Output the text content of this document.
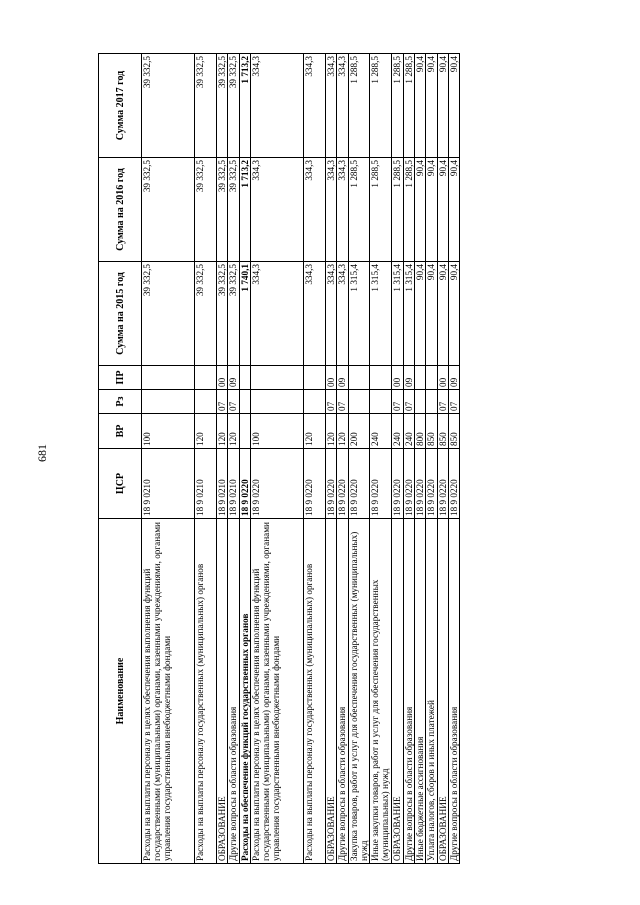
681
Наименование	ЦСР	ВР	Рз	ПР	Сумма на 2015 год	Сумма на 2016 год	Сумма 2017 год
Расходы на выплаты персоналу в целях обеспечения выполнения функций государственными (муниципальными) органами, казенными учреждениями, органами управления государственными внебюджетными фондами	18 9 0210	100			39 332,5	39 332,5	39 332,5
Расходы на выплаты персоналу государственных (муниципальных) органов	18 9 0210	120			39 332,5	39 332,5	39 332,5
ОБРАЗОВАНИЕ	18 9 0210	120	07	00	39 332,5	39 332,5	39 332,5
Другие вопросы в области образования	18 9 0210	120	07	09	39 332,5	39 332,5	39 332,5
Расходы на обеспечение функций государственных органов	18 9 0220				1 740,1	1 713,2	1 713,2
Расходы на выплаты персоналу в целях обеспечения выполнения функций государственными (муниципальными) органами, казенными учреждениями, органами управления государственными внебюджетными фондами	18 9 0220	100			334,3	334,3	334,3
Расходы на выплаты персоналу государственных (муниципальных) органов	18 9 0220	120			334,3	334,3	334,3
ОБРАЗОВАНИЕ	18 9 0220	120	07	00	334,3	334,3	334,3
Другие вопросы в области образования	18 9 0220	120	07	09	334,3	334,3	334,3
Закупка товаров, работ и услуг для обеспечения государственных (муниципальных) нужд	18 9 0220	200			1 315,4	1 288,5	1 288,5
Иные закупки товаров, работ и услуг для обеспечения государственных (муниципальных) нужд	18 9 0220	240			1 315,4	1 288,5	1 288,5
ОБРАЗОВАНИЕ	18 9 0220	240	07	00	1 315,4	1 288,5	1 288,5
Другие вопросы в области образования	18 9 0220	240	07	09	1 315,4	1 288,5	1 288,5
Иные бюджетные ассигнования	18 9 0220	800			90,4	90,4	90,4
Уплата налогов, сборов и иных платежей	18 9 0220	850			90,4	90,4	90,4
ОБРАЗОВАНИЕ	18 9 0220	850	07	00	90,4	90,4	90,4
Другие вопросы в области образования	18 9 0220	850	07	09	90,4	90,4	90,4
